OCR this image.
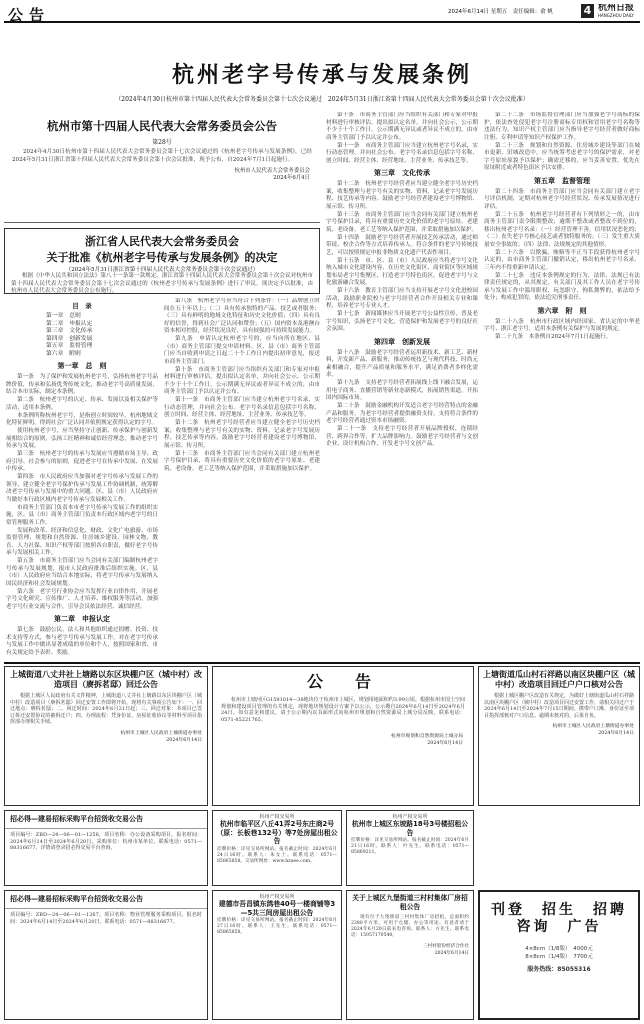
公告	2024年6月14日 星期五　 责任编辑：俞 帆	4 杭州日报
HANGZHOU DAILY
杭州老字号传承与发展条例
（2024年4月30日杭州市第十四届人民代表大会常务委员会第十七次会议通过　2024年5月31日浙江省第十四届人民代表大会常务委员会第十次会议批准）
杭州市第十四届人民代表大会常务委员会公告
第28号
2024年4月30日杭州市第十四届人民代表大会常务委员会第十七次会议通过的《杭州老字号传承与发展条例》，已经2024年5月31日浙江省第十四届人民代表大会常务委员会第十次会议批准，现予公布，自2024年7月1日起施行。
杭州市人民代表大会常务委员会
2024年6月4日
浙江省人民代表大会常务委员会
关于批准《杭州老字号传承与发展条例》的决定
（2024年5月31日浙江省第十四届人民代表大会常务委员会第十次会议通过）
根据《中华人民共和国立法法》第八十一条第一款规定，浙江省第十四届人民代表大会常务委员会第十次会议对杭州市第十四届人民代表大会常务委员会第十七次会议通过的《杭州老字号传承与发展条例》进行了审议，现决定予以批准，由杭州市人民代表大会常务委员会公布施行。
目　录
第一章　总则
第二章　申报认定
第三章　文化传承
第四章　创新发展
第五章　监督管理
第六章　附则
第一章　总　则

第一条　为了保护和发展杭州老字号，弘扬杭州老字号品牌价值，传承和弘扬优秀传统文化，推动老字号高质量发展，结合本市实际，制定本条例。

第二条　杭州老字号的认定、传承、发展以及相关保护等活动，适用本条例。

本条例所称杭州老字号，是指创立时间较早，杭州地域文化特征鲜明，得到社会广泛认同并依照规定获得认定的字号。

使用杭州老字号，应当坚持守正创新、传承保护与创新发展相结合的原则，弘扬工匠精神和诚信经营理念，推动老字号传承与发展。

第三条　杭州老字号的传承与发展应当遵循市场主导、政府引导、社会参与的原则，促进老字号在传承中发展、在发展中传承。

第四条　市人民政府应当加强对老字号传承与发展工作的领导，建立健全老字号保护传承与发展工作协调机制，统筹解决老字号传承与发展中的重大问题。区、县（市）人民政府应当做好本行政区域内老字号传承与发展相关工作。

市商务主管部门负责本市老字号传承与发展工作的组织实施，区、县（市）商务主管部门负责本行政区域内老字号的日常管理服务工作。

发展和改革、经济和信息化、财政、文化广电旅游、市场监督管理、规划和自然资源、住房城乡建设、园林文物、教育、人力社保、知识产权等部门按照各自职责，做好老字号传承与发展相关工作。

第五条　市商务主管部门应当会同有关部门编制杭州老字号传承与发展规划，报市人民政府批准后组织实施。区、县（市）人民政府应当结合本地实际，将老字号传承与发展纳入国民经济和社会发展规划。

第六条　老字号行业协会应当发挥行业自律作用，开展老字号文化研究、宣传推广、人才培养、维权服务等活动，加强老字号行业交流与合作，引导会员依法经营、诚信经营。

第二章　申报认定

第七条　鼓励公民、法人和其他组织通过捐赠、投资、技术支持等方式，参与老字号传承与发展工作。对在老字号传承与发展工作中做出显著成绩的单位和个人，按照国家和省、市有关规定给予表彰、奖励。

第八条　杭州老字号应当符合下列条件：（一）品牌创立时间在五十年以上；（二）具有传承独特的产品、技艺或者服务；（三）具有鲜明的地域文化特征和历史文化价值；（四）具有良好的信誉，得到社会广泛认同和赞誉；（五）国内资本及港澳台资本相对控股，经营状况良好，具有较强的可持续发展能力。

第九条　申请认定杭州老字号的，应当向所在地区、县（市）商务主管部门提交申请材料。区、县（市）商务主管部门应当自收到申请之日起二十个工作日内提出初审意见，报送市商务主管部门。

第十条　市商务主管部门应当组织有关部门和专家对申报材料进行审核评估，提出拟认定名单，并向社会公示，公示期不少于十个工作日。公示期满无异议或者异议不成立的，由市商务主管部门予以认定并公布。

第十一条　市商务主管部门应当建立杭州老字号名录，实行动态管理，并向社会公布。老字号名录信息包括字号名称、创立时间、经营主体、经营地址、主营业务、传承技艺等。

第十二条　杭州老字号经营者应当建立健全老字号历史档案，收集整理与老字号有关的实物、资料，记录老字号发展历程、技艺传承等内容。鼓励老字号经营者建设老字号博物馆、展示馆、传习所。

第十三条　市商务主管部门应当会同有关部门建立杭州老字号保护目录，将具有重要历史文化价值的老字号原址、老建筑、老设备、老工艺等纳入保护范围，并采取措施加以保护。

第十条　市商务主管部门应当组织有关部门和专家对申报材料进行审核评估，提出拟认定名单，并向社会公示，公示期不少于十个工作日。公示期满无异议或者异议不成立的，由市商务主管部门予以认定并公布。

第十一条　市商务主管部门应当建立杭州老字号名录，实行动态管理，并向社会公布。老字号名录信息包括字号名称、创立时间、经营主体、经营地址、主营业务、传承技艺等。

第三章　文化传承

第十二条　杭州老字号经营者应当建立健全老字号历史档案，收集整理与老字号有关的实物、资料，记录老字号发展历程、技艺传承等内容。鼓励老字号经营者建设老字号博物馆、展示馆、传习所。

第十三条　市商务主管部门应当会同有关部门建立杭州老字号保护目录，将具有重要历史文化价值的老字号原址、老建筑、老设备、老工艺等纳入保护范围，并采取措施加以保护。

第十四条　鼓励老字号经营者开展技艺传承活动，通过师带徒、校企合作等方式培养传承人。符合条件的老字号传统技艺，可以按照规定申报非物质文化遗产代表性项目。

第十五条　市、区、县（市）人民政府应当将老字号文化纳入城市文化建设内容，在历史文化街区、商业街区等区域规划布局老字号集聚区，打造老字号特色街区，促进老字号与文化旅游融合发展。

第十六条　教育主管部门应当支持开展老字号文化进校园活动，鼓励职业院校与老字号经营者合作开设相关专业和课程，培养老字号专业人才。

第十七条　新闻媒体应当开展老字号公益性宣传，普及老字号知识，弘扬老字号文化，营造保护和发展老字号的良好社会氛围。

第四章　创新发展

第十八条　鼓励老字号经营者运用新技术、新工艺、新材料，开发新产品、新服务，推动传统技艺与现代科技、时尚元素相融合，提升产品质量和服务水平，满足消费者多样化需求。

第十九条　支持老字号经营者拓展线上线下融合发展，运用电子商务、直播营销等新业态新模式，拓展销售渠道，开拓国内国际市场。

第二十条　鼓励金融机构开发适合老字号经营特点的金融产品和服务，为老字号经营者提供融资支持。支持符合条件的老字号经营者通过资本市场融资。

第二十一条　支持老字号经营者开展品牌授权、连锁经营、跨界合作等，扩大品牌影响力。鼓励老字号经营者与文创企业、设计机构合作，开发老字号文创产品。

第二十二条　市场监督管理部门应当加强老字号商标的保护，依法查处侵犯老字号注册商标专用权和冒用老字号名称等违法行为。知识产权主管部门应当指导老字号经营者做好商标注册、专利申请等知识产权保护工作。

第二十三条　规划和自然资源、住房城乡建设等部门在城市更新、旧城改造中，应当统筹考虑老字号的保护需求，对老字号原址原貌予以保护；确需迁移的，应当妥善安置，优先在原址附近或者特色街区予以安排。

第五章　监督管理

第二十四条　市商务主管部门应当会同有关部门建立老字号评估机制，定期对杭州老字号经营状况、传承发展情况进行评估。

第二十五条　杭州老字号经营者有下列情形之一的，由市商务主管部门责令限期整改；逾期不整改或者整改不到位的，移出杭州老字号名录：（一）经营管理不善，信用状况恶化的；（二）丧失老字号核心技艺或者独特服务的；（三）发生重大质量安全事故的；（四）法律、法规规定的其他情形。

第二十六条　以欺骗、贿赂等不正当手段获得杭州老字号认定的，由市商务主管部门撤销认定，移出杭州老字号名录，三年内不得重新申请认定。

第二十七条　违反本条例规定的行为，法律、法规已有法律责任规定的，从其规定。有关部门及其工作人员在老字号传承与发展工作中滥用职权、玩忽职守、徇私舞弊的，依法给予处分；构成犯罪的，依法追究刑事责任。

第六章　附　则

第二十八条　杭州市行政区域内经国家、省认定的中华老字号、浙江老字号，适用本条例有关保护与发展的规定。

第二十九条　本条例自2024年7月1日起施行。

上城街道八丈井社上塘路以东区块棚户区（城中村）改造项目（赓拆茗邸）回迁公告
根据上城区人民政府有关文件精神，上城街道八丈井社上塘路以东区块棚户区（城中村）改造项目（赓拆茗邸）回迁安置工作即将开始，现将有关事项公告如下：一、回迁地点：赓拆茗邸；二、回迁时间：2024年6月21日起；三、回迁对象：本项目已签订拆迁安置协议的被拆迁户；四、办理流程：凭身份证、房屋征收协议等材料至项目指挥部办理相关手续。
杭州市上城区人民政府上城街道办事处
2024年6月14日
公　告
杭州市上塘河区G1591014—38地块位于杭州市上城区，规划用地面积约3.99公顷。根据杭州市国土空间规划和建设项目管理的有关规定，现将地块规划设计方案予以公示，公示期自2024年6月14日至2024年6月24日。如有意见和建议，请于公示期内以书面形式向杭州市规划和自然资源局上城分局反映。联系电话：0571-85221765。
杭州市规划和自然资源局上城分局
2024年6月14日
上塘街道瓜山村石祥路以南区块棚户区（城中村）改造项目回迁户户口核对公告
根据上城区棚户区改造有关规定，为做好上塘街道瓜山村石祥路以南区块棚户区（城中村）改造项目回迁安置工作，请相关回迁户于2024年6月14日至2024年7月15日期间，携带户口簿、身份证至项目指挥部核对户口信息。逾期未核对的，后果自负。
杭州市上城区人民政府上塘街道办事处
2024年6月14日
招必得—建易招标采购平台招货收交易公告
项目编号：ZBD—24—06—01—1258。项目名称：办公设备采购项目。报名时间：2024年6月14日至2024年6月20日。采购单位：杭州市某单位。联系电话：0571—88316677。详情请登录招必得交易平台查询。
杭州产权交易所
杭州市临平区八丘41弄2号东庄商2号（原：长板巷132号）等7处房屋出租公告
挂牌价格：详见交易所网站。报名截止时间：2024年6月24日16时。联系人：朱女士。联系电话：0571—85865858。交易所网址：www.hzaee.com。
杭州产权交易所
杭州市上城区东坡路18号3号楼招租公告
挂牌价格：详见交易所网站。报名截止时间：2024年6月21日16时。联系人：叶先生。联系电话：0571—85869211。
招必得—建易招标采购平台招货收交易公告
项目编号：ZBD—24—06—01—1267。项目名称：物业管理服务采购项目。报名时间：2024年6月14日至2024年6月20日。联系电话：0571—88316677。
杭州产权交易所
建德市吾昌镇东鸽巷40号一楼商铺等3—5共三间房屋出租公告
挂牌价格：详见交易所网站。报名截止时间：2024年6月27日16时。联系人：王先生。联系电话：0571—85865858。
关于上城区九堡街道三村村集体厂房招租公告
现有位于九堡街道三村村集体厂房招租，总面积约2380平方米，可用于仓储、办公等用途。有意者请于2024年6月20日前来电咨询。联系人：方先生。联系电话：15957170540。
三村村股份经济合作社
2024年6月14日
刊登　招生　招聘
咨询　广告
4×8cm（1/8版）　4000元
8×8cm（1/4版）　7700元
服务热线：85055316
